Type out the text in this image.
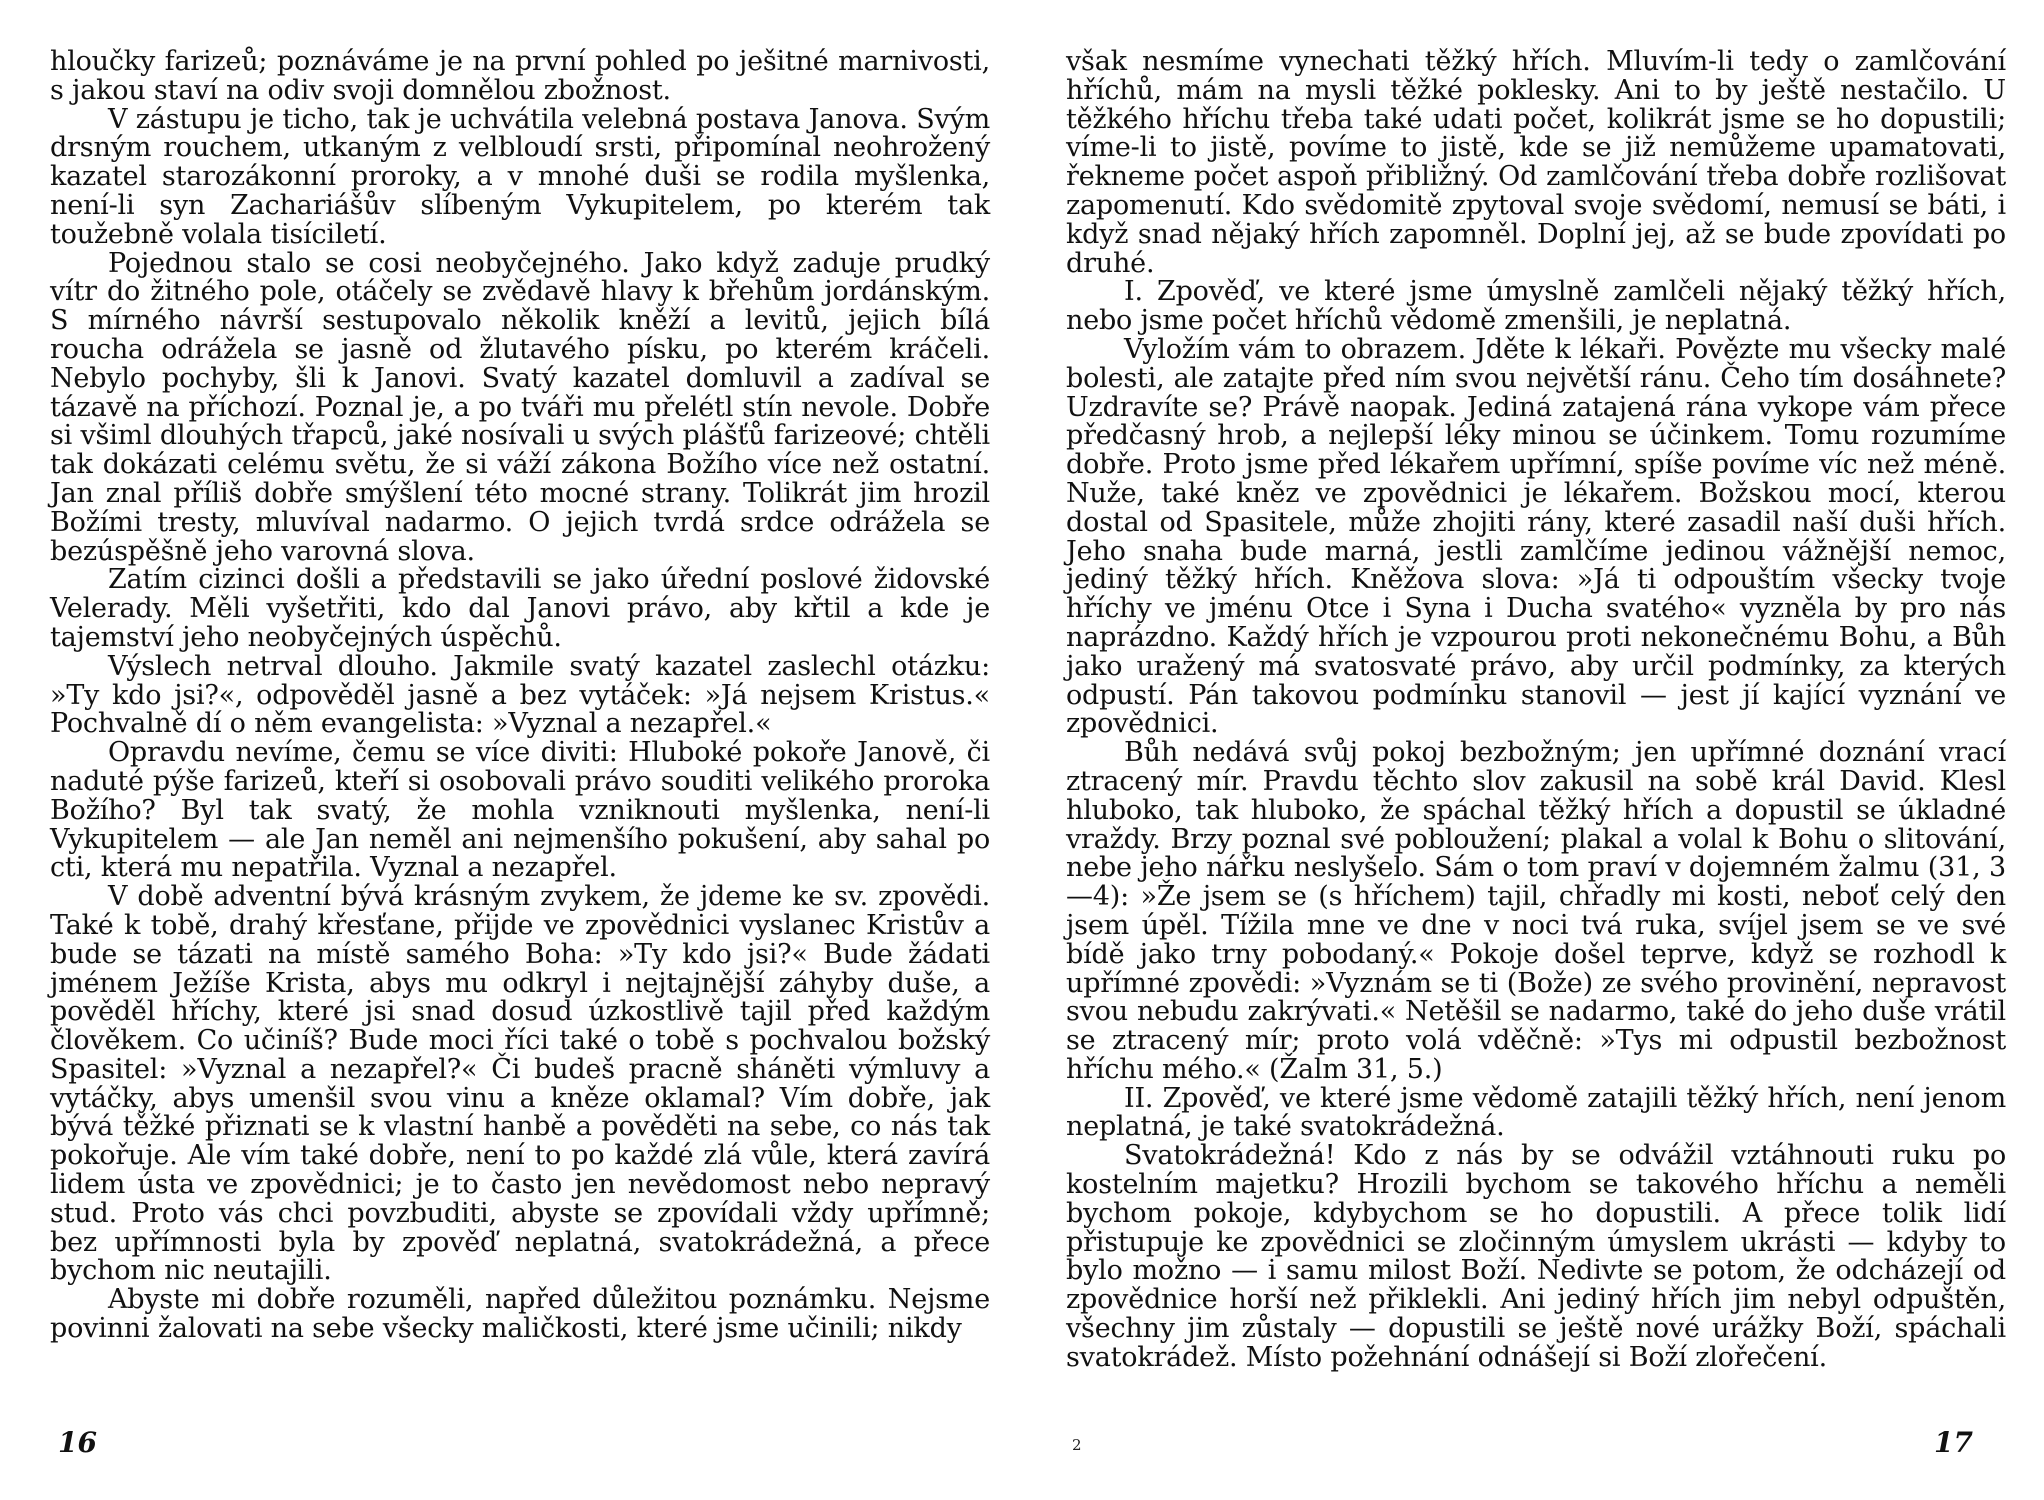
hloučky farizeů; poznáváme je na první pohled po ješitné marnivosti, s jakou staví na odiv svoji domnělou zbožnost.

V zástupu je ticho, tak je uchvátila velebná postava Janova. Svým drsným rouchem, utkaným z velbloudí srsti, připomínal neohrožený kazatel starozákonní proroky, a v mnohé duši se rodila myšlenka, není-li syn Zachariášův slíbeným Vykupitelem, po kterém tak toužebně volala tisíciletí.

Pojednou stalo se cosi neobyčejného. Jako když zaduje prudký vítr do žitného pole, otáčely se zvědavě hlavy k břehům jordánským. S mírného návrší sestupovalo několik kněží a levitů, jejich bílá roucha odrážela se jasně od žlutavého písku, po kterém kráčeli. Nebylo pochyby, šli k Janovi. Svatý kazatel domluvil a zadíval se tázavě na příchozí. Poznal je, a po tváři mu přelétl stín nevole. Dobře si všiml dlouhých třapců, jaké nosívali u svých plášťů farizeové; chtěli tak dokázati celému světu, že si váží zákona Božího více než ostatní. Jan znal příliš dobře smýšlení této mocné strany. Tolikrát jim hrozil Božími tresty, mluvíval nadarmo. O jejich tvrdá srdce odrážela se bezúspěšně jeho varovná slova.

Zatím cizinci došli a představili se jako úřední poslové židovské Velerady. Měli vyšetřiti, kdo dal Janovi právo, aby křtil a kde je tajemství jeho neobyčejných úspěchů.

Výslech netrval dlouho. Jakmile svatý kazatel zaslechl otázku: »Ty kdo jsi?«, odpověděl jasně a bez vytáček: »Já nejsem Kristus.« Pochvalně dí o něm evangelista: »Vyznal a nezapřel.«

Opravdu nevíme, čemu se více diviti: Hluboké pokoře Janově, či naduté pýše farizeů, kteří si osobovali právo souditi velikého proroka Božího? Byl tak svatý, že mohla vzniknouti myšlenka, není-li Vykupitelem — ale Jan neměl ani nejmenšího pokušení, aby sahal po cti, která mu nepatřila. Vyznal a nezapřel.

V době adventní bývá krásným zvykem, že jdeme ke sv. zpovědi. Také k tobě, drahý křesťane, přijde ve zpovědnici vyslanec Kristův a bude se tázati na místě samého Boha: »Ty kdo jsi?« Bude žádati jménem Ježíše Krista, abys mu odkryl i nejtajnější záhyby duše, a pověděl hříchy, které jsi snad dosud úzkostlivě tajil před každým člověkem. Co učiníš? Bude moci říci také o tobě s pochvalou božský Spasitel: »Vyznal a nezapřel?« Či budeš pracně sháněti výmluvy a vytáčky, abys umenšil svou vinu a kněze oklamal? Vím dobře, jak bývá těžké přiznati se k vlastní hanbě a pověděti na sebe, co nás tak pokořuje. Ale vím také dobře, není to po každé zlá vůle, která zavírá lidem ústa ve zpovědnici; je to často jen nevědomost nebo nepravý stud. Proto vás chci povzbuditi, abyste se zpovídali vždy upřímně; bez upřímnosti byla by zpověď neplatná, svatokrádežná, a přece bychom nic neutajili.

Abyste mi dobře rozuměli, napřed důležitou poznámku. Nejsme povinni žalovati na sebe všecky maličkosti, které jsme učinili; nikdy

16

však nesmíme vynechati těžký hřích. Mluvím-li tedy o zamlčování hříchů, mám na mysli těžké poklesky. Ani to by ještě nestačilo. U těžkého hříchu třeba také udati počet, kolikrát jsme se ho dopustili; víme-li to jistě, povíme to jistě, kde se již nemůžeme upamatovati, řekneme počet aspoň přibližný. Od zamlčování třeba dobře rozlišovat zapomenutí. Kdo svědomitě zpytoval svoje svědomí, nemusí se báti, i když snad nějaký hřích zapomněl. Doplní jej, až se bude zpovídati po druhé.

I. Zpověď, ve které jsme úmyslně zamlčeli nějaký těžký hřích, nebo jsme počet hříchů vědomě zmenšili, je neplatná.

Vyložím vám to obrazem. Jděte k lékaři. Povězte mu všecky malé bolesti, ale zatajte před ním svou největší ránu. Čeho tím dosáhnete? Uzdravíte se? Právě naopak. Jediná zatajená rána vykope vám přece předčasný hrob, a nejlepší léky minou se účinkem. Tomu rozumíme dobře. Proto jsme před lékařem upřímní, spíše povíme víc než méně. Nuže, také kněz ve zpovědnici je lékařem. Božskou mocí, kterou dostal od Spasitele, může zhojiti rány, které zasadil naší duši hřích. Jeho snaha bude marná, jestli zamlčíme jedinou vážnější nemoc, jediný těžký hřích. Kněžova slova: »Já ti odpouštím všecky tvoje hříchy ve jménu Otce i Syna i Ducha svatého« vyzněla by pro nás naprázdno. Každý hřích je vzpourou proti nekonečnému Bohu, a Bůh jako uražený má svatosvaté právo, aby určil podmínky, za kterých odpustí. Pán takovou podmínku stanovil — jest jí kající vyznání ve zpovědnici.

Bůh nedává svůj pokoj bezbožným; jen upřímné doznání vrací ztracený mír. Pravdu těchto slov zakusil na sobě král David. Klesl hluboko, tak hluboko, že spáchal těžký hřích a dopustil se úkladné vraždy. Brzy poznal své pobloužení; plakal a volal k Bohu o slitování, nebe jeho nářku neslyšelo. Sám o tom praví v dojemném žalmu (31, 3—4): »Že jsem se (s hříchem) tajil, chřadly mi kosti, neboť celý den jsem úpěl. Tížila mne ve dne v noci tvá ruka, svíjel jsem se ve své bídě jako trny pobodaný.« Pokoje došel teprve, když se rozhodl k upřímné zpovědi: »Vyznám se ti (Bože) ze svého provinění, nepravost svou nebudu zakrývati.« Netěšil se nadarmo, také do jeho duše vrátil se ztracený mír; proto volá vděčně: »Tys mi odpustil bezbožnost hříchu mého.« (Žalm 31, 5.)

II. Zpověď, ve které jsme vědomě zatajili těžký hřích, není jenom neplatná, je také svatokrádežná.

Svatokrádežná! Kdo z nás by se odvážil vztáhnouti ruku po kostelním majetku? Hrozili bychom se takového hříchu a neměli bychom pokoje, kdybychom se ho dopustili. A přece tolik lidí přistupuje ke zpovědnici se zločinným úmyslem ukrásti — kdyby to bylo možno — i samu milost Boží. Nedivte se potom, že odcházejí od zpovědnice horší než přiklekli. Ani jediný hřích jim nebyl odpuštěn, všechny jim zůstaly — dopustili se ještě nové urážky Boží, spáchali svatokrádež. Místo požehnání odnášejí si Boží zlořečení.

2	17
